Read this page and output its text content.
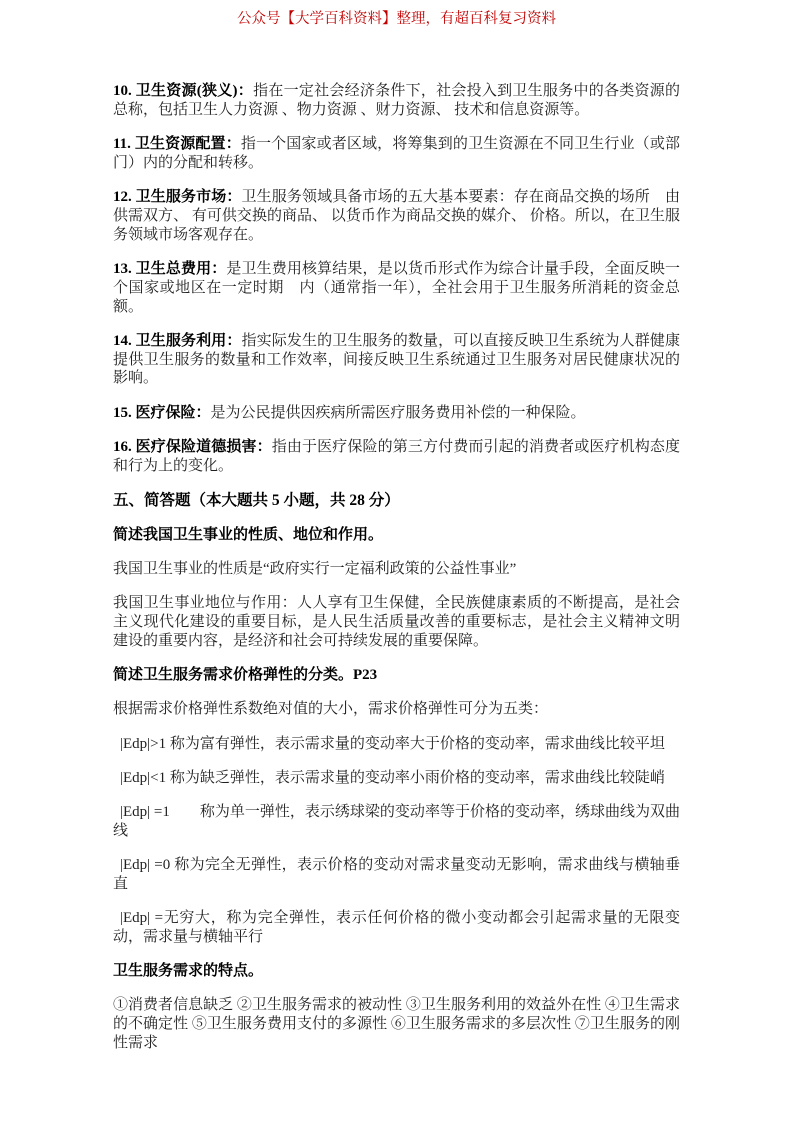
公众号【大学百科资料】整理，有超百科复习资料

10. 卫生资源(狭义)：指在一定社会经济条件下，社会投入到卫生服务中的各类资源的总称，包括卫生人力资源 、物力资源 、财力资源、 技术和信息资源等。

11. 卫生资源配置：指一个国家或者区域，将筹集到的卫生资源在不同卫生行业（或部门）内的分配和转移。

12. 卫生服务市场：卫生服务领域具备市场的五大基本要素：存在商品交换的场所　由供需双方、 有可供交换的商品、 以货币作为商品交换的媒介、 价格。所以，在卫生服务领域市场客观存在。

13. 卫生总费用：是卫生费用核算结果，是以货币形式作为综合计量手段，全面反映一个国家或地区在一定时期　内（通常指一年），全社会用于卫生服务所消耗的资金总额。

14. 卫生服务利用：指实际发生的卫生服务的数量，可以直接反映卫生系统为人群健康提供卫生服务的数量和工作效率，间接反映卫生系统通过卫生服务对居民健康状况的影响。

15. 医疗保险：是为公民提供因疾病所需医疗服务费用补偿的一种保险。

16. 医疗保险道德损害：指由于医疗保险的第三方付费而引起的消费者或医疗机构态度和行为上的变化。

五、简答题（本大题共 5 小题，共 28 分）

简述我国卫生事业的性质、地位和作用。

我国卫生事业的性质是“政府实行一定福利政策的公益性事业”

我国卫生事业地位与作用：人人享有卫生保健，全民族健康素质的不断提高，是社会主义现代化建设的重要目标，是人民生活质量改善的重要标志，是社会主义精神文明建设的重要内容，是经济和社会可持续发展的重要保障。

简述卫生服务需求价格弹性的分类。P23

根据需求价格弹性系数绝对值的大小，需求价格弹性可分为五类：

|Edp|>1 称为富有弹性，表示需求量的变动率大于价格的变动率，需求曲线比较平坦

|Edp|<1 称为缺乏弹性，表示需求量的变动率小雨价格的变动率，需求曲线比较陡峭

|Edp| =1　　称为单一弹性，表示绣球梁的变动率等于价格的变动率，绣球曲线为双曲线

|Edp| =0 称为完全无弹性，表示价格的变动对需求量变动无影响，需求曲线与横轴垂直

|Edp| =无穷大，称为完全弹性，表示任何价格的微小变动都会引起需求量的无限变动，需求量与横轴平行

卫生服务需求的特点。

①消费者信息缺乏 ②卫生服务需求的被动性 ③卫生服务利用的效益外在性 ④卫生需求的不确定性 ⑤卫生服务费用支付的多源性 ⑥卫生服务需求的多层次性 ⑦卫生服务的刚性需求
